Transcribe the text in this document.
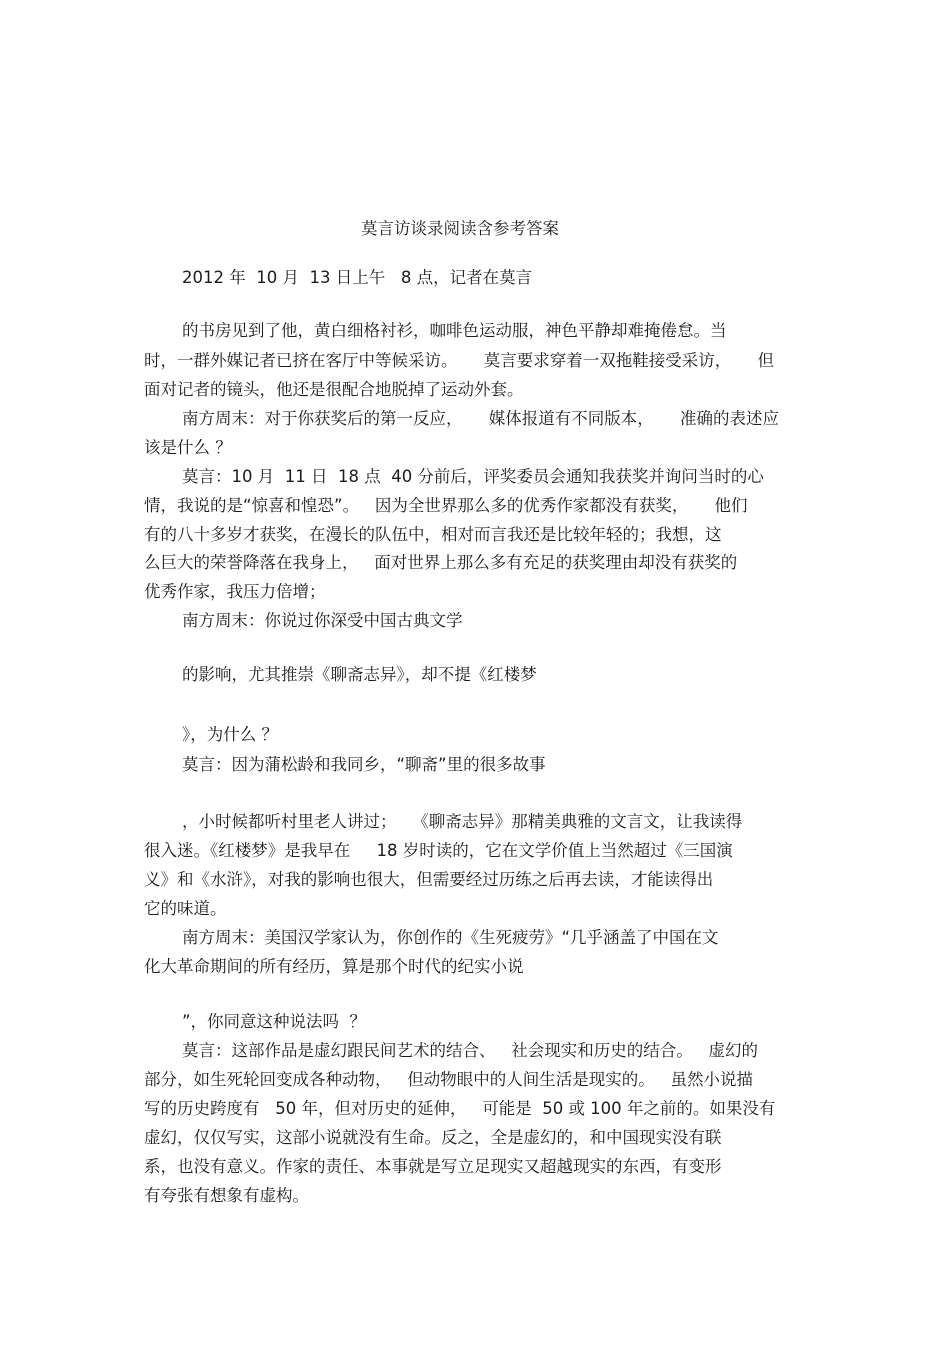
莫言访谈录阅读含参考答案
2012 年  10 月  13 日上午   8 点，记者在莫言
的书房见到了他，黄白细格衬衫，咖啡色运动服，神色平静却难掩倦怠。当
时，一群外媒记者已挤在客厅中等候采访。     莫言要求穿着一双拖鞋接受采访，     但
面对记者的镜头，他还是很配合地脱掉了运动外套。
南方周末：对于你获奖后的第一反应，     媒体报道有不同版本，     准确的表述应
该是什么 ？
莫言：10 月  11 日  18 点  40 分前后，评奖委员会通知我获奖并询问当时的心
情，我说的是“惊喜和惶恐”。   因为全世界那么多的优秀作家都没有获奖，     他们
有的八十多岁才获奖，在漫长的队伍中，相对而言我还是比较年轻的；我想，这
么巨大的荣誉降落在我身上，   面对世界上那么多有充足的获奖理由却没有获奖的
优秀作家，我压力倍增；
南方周末：你说过你深受中国古典文学
的影响，尤其推崇《聊斋志异》，却不提《红楼梦
》，为什么 ？
莫言：因为蒲松龄和我同乡，“聊斋”里的很多故事
，小时候都听村里老人讲过；   《聊斋志异》那精美典雅的文言文，让我读得
很入迷。《红楼梦》是我早在     18 岁时读的，它在文学价值上当然超过《三国演
义》和《水浒》，对我的影响也很大，但需要经过历练之后再去读，才能读得出
它的味道。
南方周末：美国汉学家认为，你创作的《生死疲劳》“几乎涵盖了中国在文
化大革命期间的所有经历，算是那个时代的纪实小说
”，你同意这种说法吗  ？
莫言：这部作品是虚幻跟民间艺术的结合、   社会现实和历史的结合。   虚幻的
部分，如生死轮回变成各种动物，   但动物眼中的人间生活是现实的。   虽然小说描
写的历史跨度有   50 年，但对历史的延伸，   可能是  50 或 100 年之前的。如果没有
虚幻，仅仅写实，这部小说就没有生命。反之，全是虚幻的，和中国现实没有联
系，也没有意义。作家的责任、本事就是写立足现实又超越现实的东西，有变形
有夸张有想象有虚构。
